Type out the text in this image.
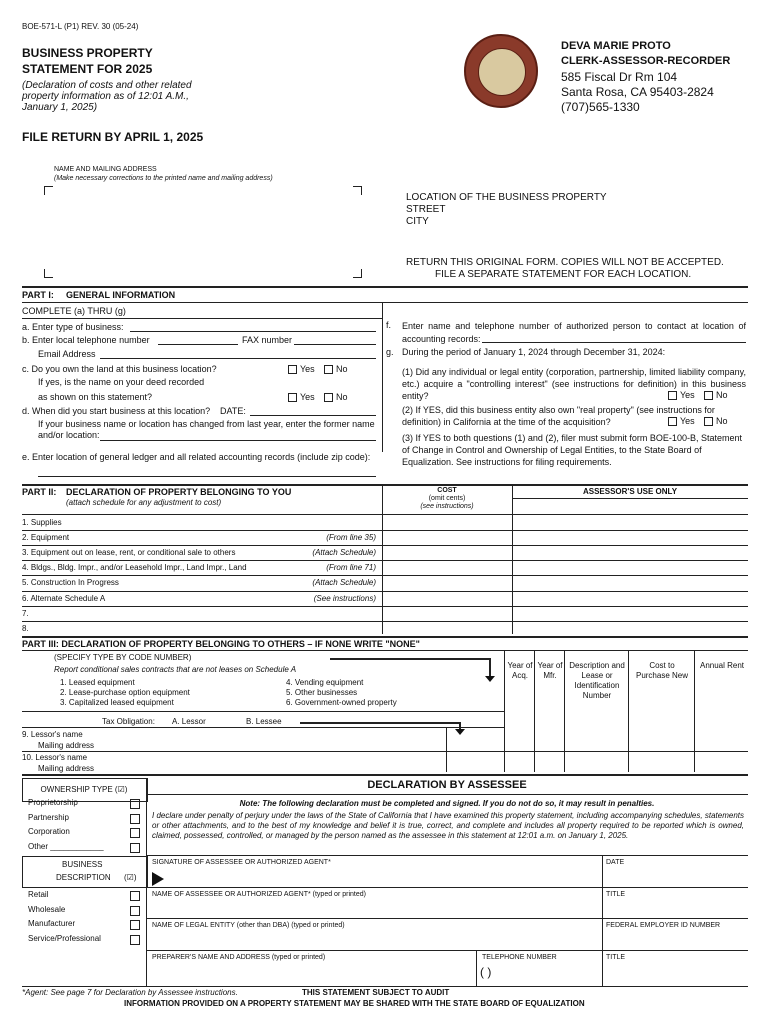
BOE-571-L (P1) REV. 30 (05-24)
BUSINESS PROPERTY
STATEMENT FOR 2025
(Declaration of costs and other related property information as of 12:01 A.M., January 1, 2025)
DEVA MARIE PROTO
CLERK-ASSESSOR-RECORDER
585 Fiscal Dr Rm 104
Santa Rosa, CA 95403-2824
(707)565-1330
FILE RETURN BY APRIL 1, 2025
NAME AND MAILING ADDRESS
(Make necessary corrections to the printed name and mailing address)
LOCATION OF THE BUSINESS PROPERTY
STREET
CITY
RETURN THIS ORIGINAL FORM. COPIES WILL NOT BE ACCEPTED.
FILE A SEPARATE STATEMENT FOR EACH LOCATION.
PART I: GENERAL INFORMATION
COMPLETE (a) THRU (g)
a. Enter type of business:
b. Enter local telephone number	FAX number
Email Address
c. Do you own the land at this business location?	Yes	No
If yes, is the name on your deed recorded
as shown on this statement?	Yes	No
d. When did you start business at this location? DATE:
If your business name or location has changed from last year, enter the former name and/or location:
e. Enter location of general ledger and all related accounting records (include zip code):
f. Enter name and telephone number of authorized person to contact at location of accounting records:
g. During the period of January 1, 2024 through December 31, 2024:
(1) Did any individual or legal entity (corporation, partnership, limited liability company, etc.) acquire a "controlling interest" (see instructions for definition) in this business entity?	Yes	No
(2) If YES, did this business entity also own "real property" (see instructions for definition) in California at the time of the acquisition?	Yes	No
(3) If YES to both questions (1) and (2), filer must submit form BOE-100-B, Statement of Change in Control and Ownership of Legal Entities, to the State Board of Equalization. See instructions for filing requirements.
PART II: DECLARATION OF PROPERTY BELONGING TO YOU
(attach schedule for any adjustment to cost)
COST
(omit cents)
(see instructions)
ASSESSOR'S USE ONLY
1. Supplies
2. Equipment	(From line 35)
3. Equipment out on lease, rent, or conditional sale to others	(Attach Schedule)
4. Bldgs., Bldg. Impr., and/or Leasehold Impr., Land Impr., Land	(From line 71)
5. Construction In Progress	(Attach Schedule)
6. Alternate Schedule A	(See instructions)
7.
8.
PART III: DECLARATION OF PROPERTY BELONGING TO OTHERS – IF NONE WRITE "NONE"
(SPECIFY TYPE BY CODE NUMBER)
Report conditional sales contracts that are not leases on Schedule A
1. Leased equipment
2. Lease-purchase option equipment
3. Capitalized leased equipment
4. Vending equipment
5. Other businesses
6. Government-owned property
Tax Obligation: A. Lessor	B. Lessee
Year of Acq.
Year of Mfr.
Description and Lease or Identification Number
Cost to Purchase New
Annual Rent
9. Lessor's name
Mailing address
10. Lessor's name
Mailing address
OWNERSHIP TYPE (☑)
Proprietorship
Partnership
Corporation
Other ____________
BUSINESS
DESCRIPTION (☑)
Retail
Wholesale
Manufacturer
Service/Professional
DECLARATION BY ASSESSEE
Note: The following declaration must be completed and signed. If you do not do so, it may result in penalties.
I declare under penalty of perjury under the laws of the State of California that I have examined this property statement, including accompanying schedules, statements or other attachments, and to the best of my knowledge and belief it is true, correct, and complete and includes all property required to be reported which is owned, claimed, possessed, controlled, or managed by the person named as the assessee in this statement at 12:01 a.m. on January 1, 2025.
SIGNATURE OF ASSESSEE OR AUTHORIZED AGENT*	DATE
NAME OF ASSESSEE OR AUTHORIZED AGENT* (typed or printed)	TITLE
NAME OF LEGAL ENTITY (other than DBA) (typed or printed)	FEDERAL EMPLOYER ID NUMBER
PREPARER'S NAME AND ADDRESS (typed or printed)	TELEPHONE NUMBER
( )
TITLE
*Agent: See page 7 for Declaration by Assessee instructions.	THIS STATEMENT SUBJECT TO AUDIT
INFORMATION PROVIDED ON A PROPERTY STATEMENT MAY BE SHARED WITH THE STATE BOARD OF EQUALIZATION
